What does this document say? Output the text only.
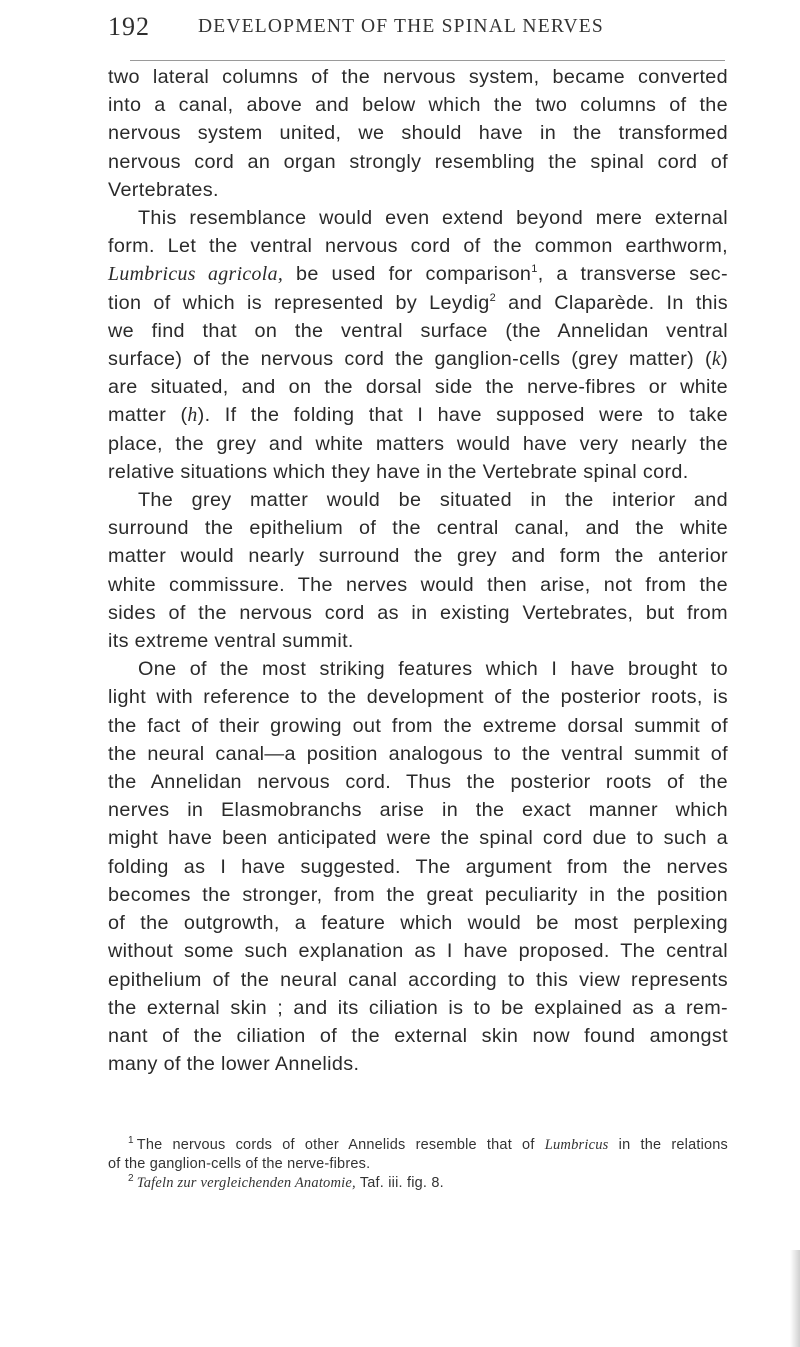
192 DEVELOPMENT OF THE SPINAL NERVES
two lateral columns of the nervous system, became converted
into a canal, above and below which the two columns of the
nervous system united, we should have in the transformed
nervous cord an organ strongly resembling the spinal cord of
Vertebrates.
This resemblance would even extend beyond mere external
form. Let the ventral nervous cord of the common earthworm,
Lumbricus agricola, be used for comparison$^1$, a transverse sec-
tion of which is represented by Leydig$^2$ and Claparède. In this
we find that on the ventral surface (the Annelidan ventral
surface) of the nervous cord the ganglion-cells (grey matter) (k)
are situated, and on the dorsal side the nerve-fibres or white
matter (h). If the folding that I have supposed were to take
place, the grey and white matters would have very nearly the
relative situations which they have in the Vertebrate spinal cord.
The grey matter would be situated in the interior and
surround the epithelium of the central canal, and the white
matter would nearly surround the grey and form the anterior
white commissure. The nerves would then arise, not from the
sides of the nervous cord as in existing Vertebrates, but from
its extreme ventral summit.
One of the most striking features which I have brought to
light with reference to the development of the posterior roots, is
the fact of their growing out from the extreme dorsal summit of
the neural canal—a position analogous to the ventral summit of
the Annelidan nervous cord. Thus the posterior roots of the
nerves in Elasmobranchs arise in the exact manner which
might have been anticipated were the spinal cord due to such a
folding as I have suggested. The argument from the nerves
becomes the stronger, from the great peculiarity in the position
of the outgrowth, a feature which would be most perplexing
without some such explanation as I have proposed. The central
epithelium of the neural canal according to this view represents
the external skin ; and its ciliation is to be explained as a rem-
nant of the ciliation of the external skin now found amongst
many of the lower Annelids.
$^1$ The nervous cords of other Annelids resemble that of Lumbricus in the relations
of the ganglion-cells of the nerve-fibres.
$^2$ Tafeln zur vergleichenden Anatomie, Taf. iii. fig. 8.
